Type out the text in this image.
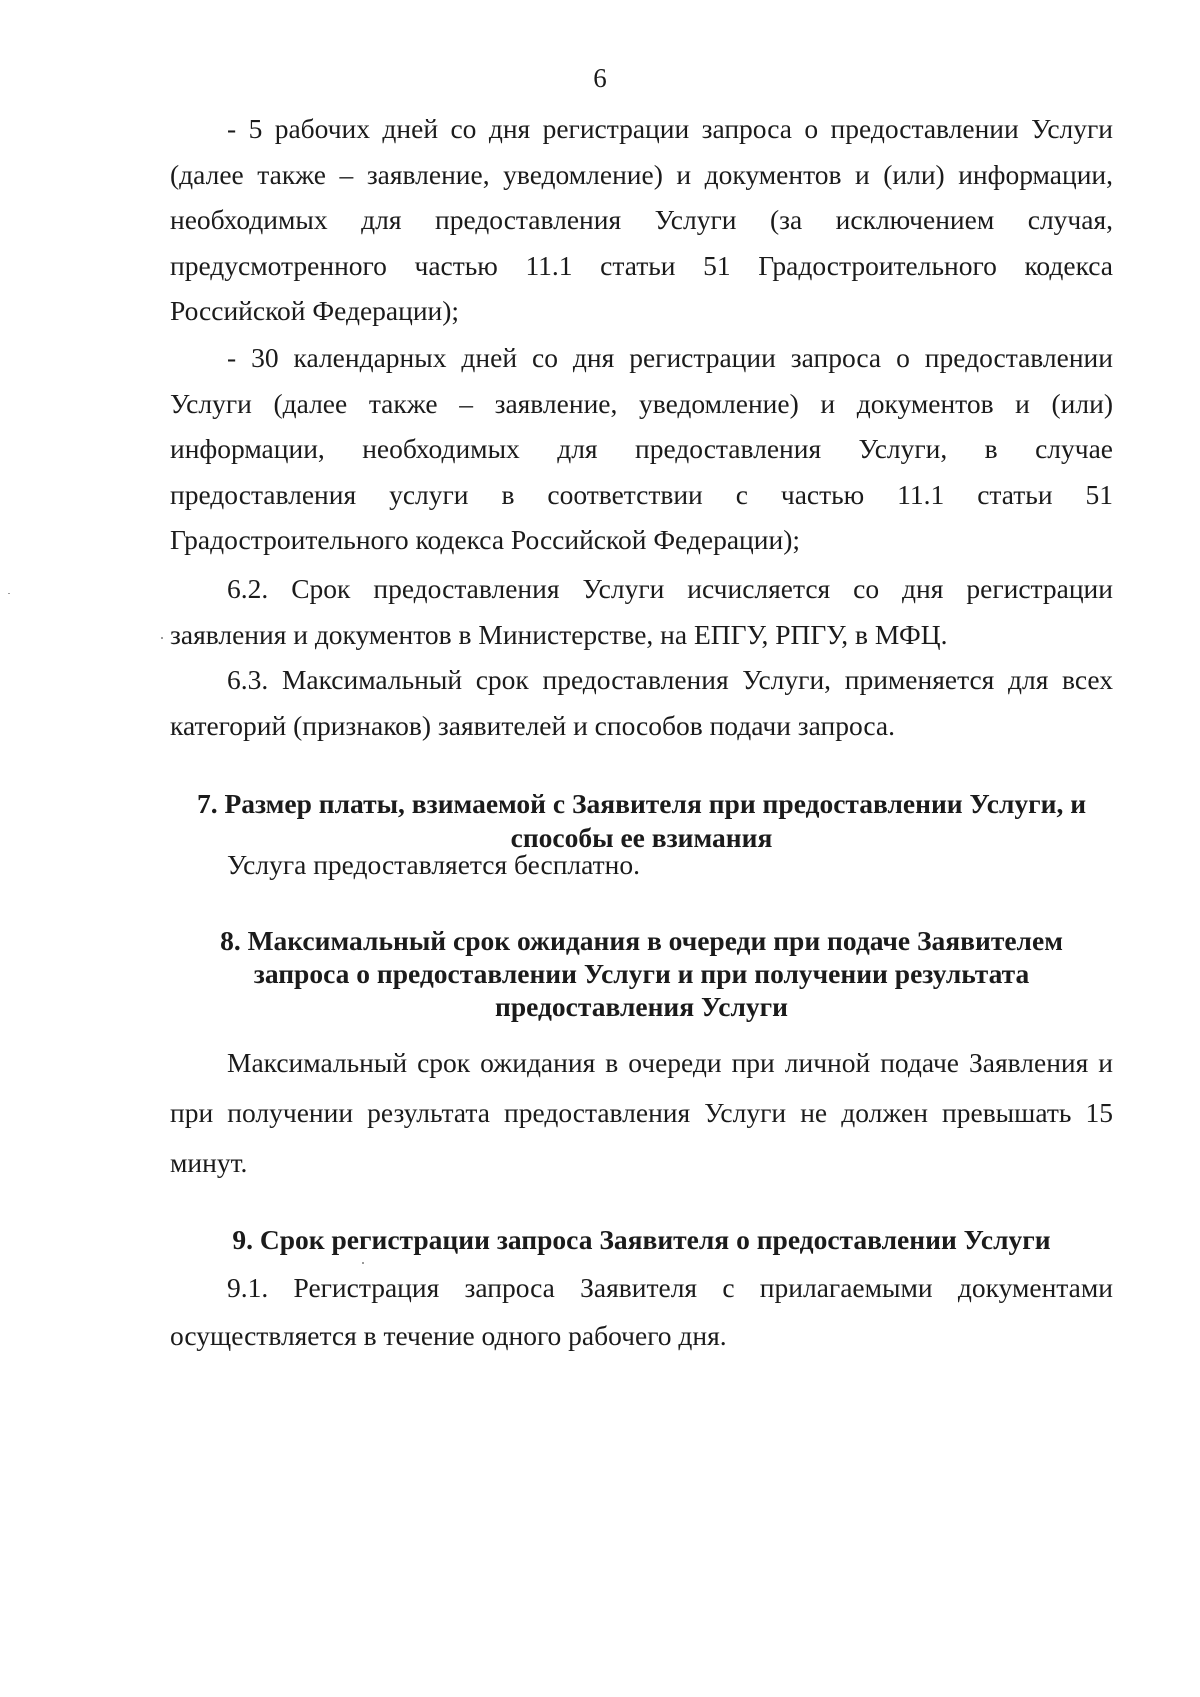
6

- 5 рабочих дней со дня регистрации запроса о предоставлении Услуги (далее также – заявление, уведомление) и документов и (или) информации, необходимых для предоставления Услуги (за исключением случая, предусмотренного частью 11.1 статьи 51 Градостроительного кодекса Российской Федерации);

- 30 календарных дней со дня регистрации запроса о предоставлении Услуги (далее также – заявление, уведомление) и документов и (или) информации, необходимых для предоставления Услуги, в случае предоставления услуги в соответствии с частью 11.1 статьи 51 Градостроительного кодекса Российской Федерации);

6.2. Срок предоставления Услуги исчисляется со дня регистрации заявления и документов в Министерстве, на ЕПГУ, РПГУ, в МФЦ.

6.3. Максимальный срок предоставления Услуги, применяется для всех категорий (признаков) заявителей и способов подачи запроса.

7. Размер платы, взимаемой с Заявителя при предоставлении Услуги, и способы ее взимания

Услуга предоставляется бесплатно.

8. Максимальный срок ожидания в очереди при подаче Заявителем запроса о предоставлении Услуги и при получении результата предоставления Услуги

Максимальный срок ожидания в очереди при личной подаче Заявления и при получении результата предоставления Услуги не должен превышать 15 минут.

9. Срок регистрации запроса Заявителя о предоставлении Услуги

9.1. Регистрация запроса Заявителя с прилагаемыми документами осуществляется в течение одного рабочего дня.
